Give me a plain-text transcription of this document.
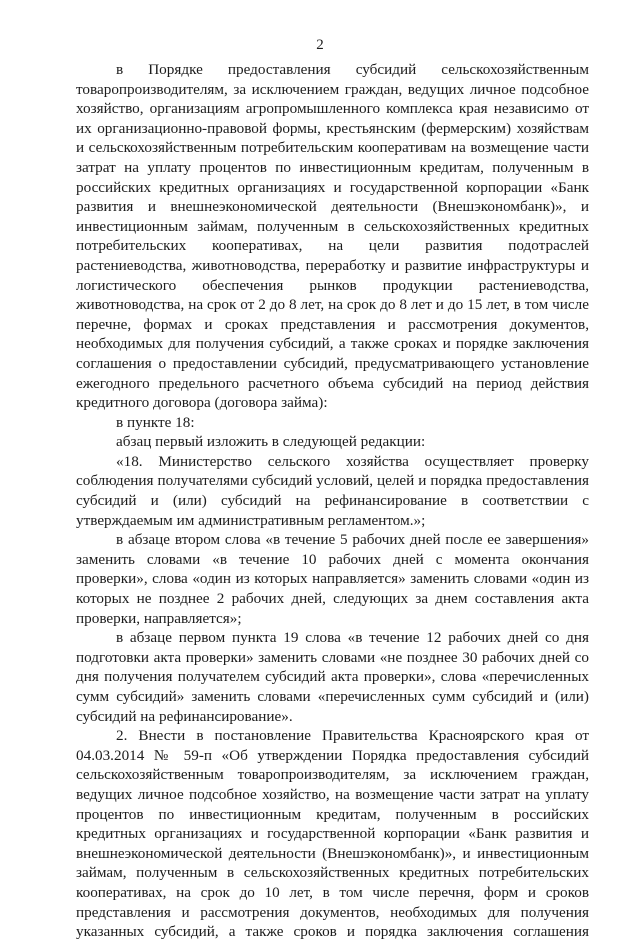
2

в Порядке предоставления субсидий сельскохозяйственным товаропроизводителям, за исключением граждан, ведущих личное подсобное хозяйство, организациям агропромышленного комплекса края независимо от их организационно-правовой формы, крестьянским (фермерским) хозяйствам и сельскохозяйственным потребительским кооперативам на возмещение части затрат на уплату процентов по инвестиционным кредитам, полученным в российских кредитных организациях и государственной корпорации «Банк развития и внешнеэкономической деятельности (Внешэкономбанк)», и инвестиционным займам, полученным в сельскохозяйственных кредитных потребительских кооперативах, на цели развития подотраслей растениеводства, животноводства, переработку и развитие инфраструктуры и логистического обеспечения рынков продукции растениеводства, животноводства, на срок от 2 до 8 лет, на срок до 8 лет и до 15 лет, в том числе перечне, формах и сроках представления и рассмотрения документов, необходимых для получения субсидий, а также сроках и порядке заключения соглашения о предоставлении субсидий, предусматривающего установление ежегодного предельного расчетного объема субсидий на период действия кредитного договора (договора займа):

в пункте 18:

абзац первый изложить в следующей редакции:

«18. Министерство сельского хозяйства осуществляет проверку соблюдения получателями субсидий условий, целей и порядка предоставления субсидий и (или) субсидий на рефинансирование в соответствии с утверждаемым им административным регламентом.»;

в абзаце втором слова «в течение 5 рабочих дней после ее завершения» заменить словами «в течение 10 рабочих дней с момента окончания проверки», слова «один из которых направляется» заменить словами «один из которых не позднее 2 рабочих дней, следующих за днем составления акта проверки, направляется»;

в абзаце первом пункта 19 слова «в течение 12 рабочих дней со дня подготовки акта проверки» заменить словами «не позднее 30 рабочих дней со дня получения получателем субсидий акта проверки», слова «перечисленных сумм субсидий» заменить словами «перечисленных сумм субсидий и (или) субсидий на рефинансирование».

2. Внести в постановление Правительства Красноярского края от 04.03.2014 № 59-п «Об утверждении Порядка предоставления субсидий сельскохозяйственным товаропроизводителям, за исключением граждан, ведущих личное подсобное хозяйство, на возмещение части затрат на уплату процентов по инвестиционным кредитам, полученным в российских кредитных организациях и государственной корпорации «Банк развития и внешнеэкономической деятельности (Внешэкономбанк)», и инвестиционным займам, полученным в сельскохозяйственных кредитных потребительских кооперативах, на срок до 10 лет, в том числе перечня, форм и сроков представления и рассмотрения документов, необходимых для получения указанных субсидий, а также сроков и порядка заключения соглашения
